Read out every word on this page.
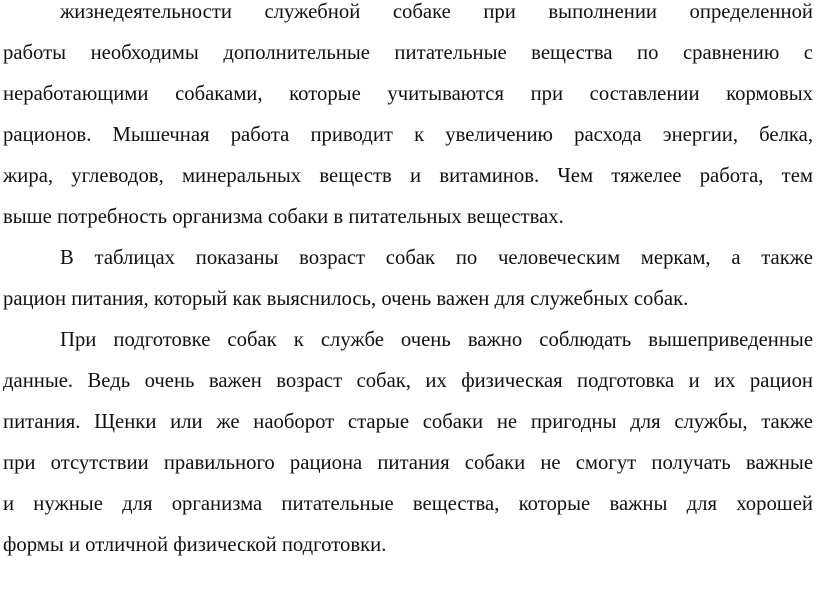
жизнедеятельности служебной собаке при выполнении определенной
работы необходимы дополнительные питательные вещества по сравнению с
неработающими собаками, которые учитываются при составлении кормовых
рационов. Мышечная работа приводит к увеличению расхода энергии, белка,
жира, углеводов, минеральных веществ и витаминов. Чем тяжелее работа, тем
выше потребность организма собаки в питательных веществах.
В таблицах показаны возраст собак по человеческим меркам, а также
рацион питания, который как выяснилось, очень важен для служебных собак.
При подготовке собак к службе очень важно соблюдать вышеприведенные
данные. Ведь очень важен возраст собак, их физическая подготовка и их рацион
питания. Щенки или же наоборот старые собаки не пригодны для службы, также
при отсутствии правильного рациона питания собаки не смогут получать важные
и нужные для организма питательные вещества, которые важны для хорошей
формы и отличной физической подготовки.
